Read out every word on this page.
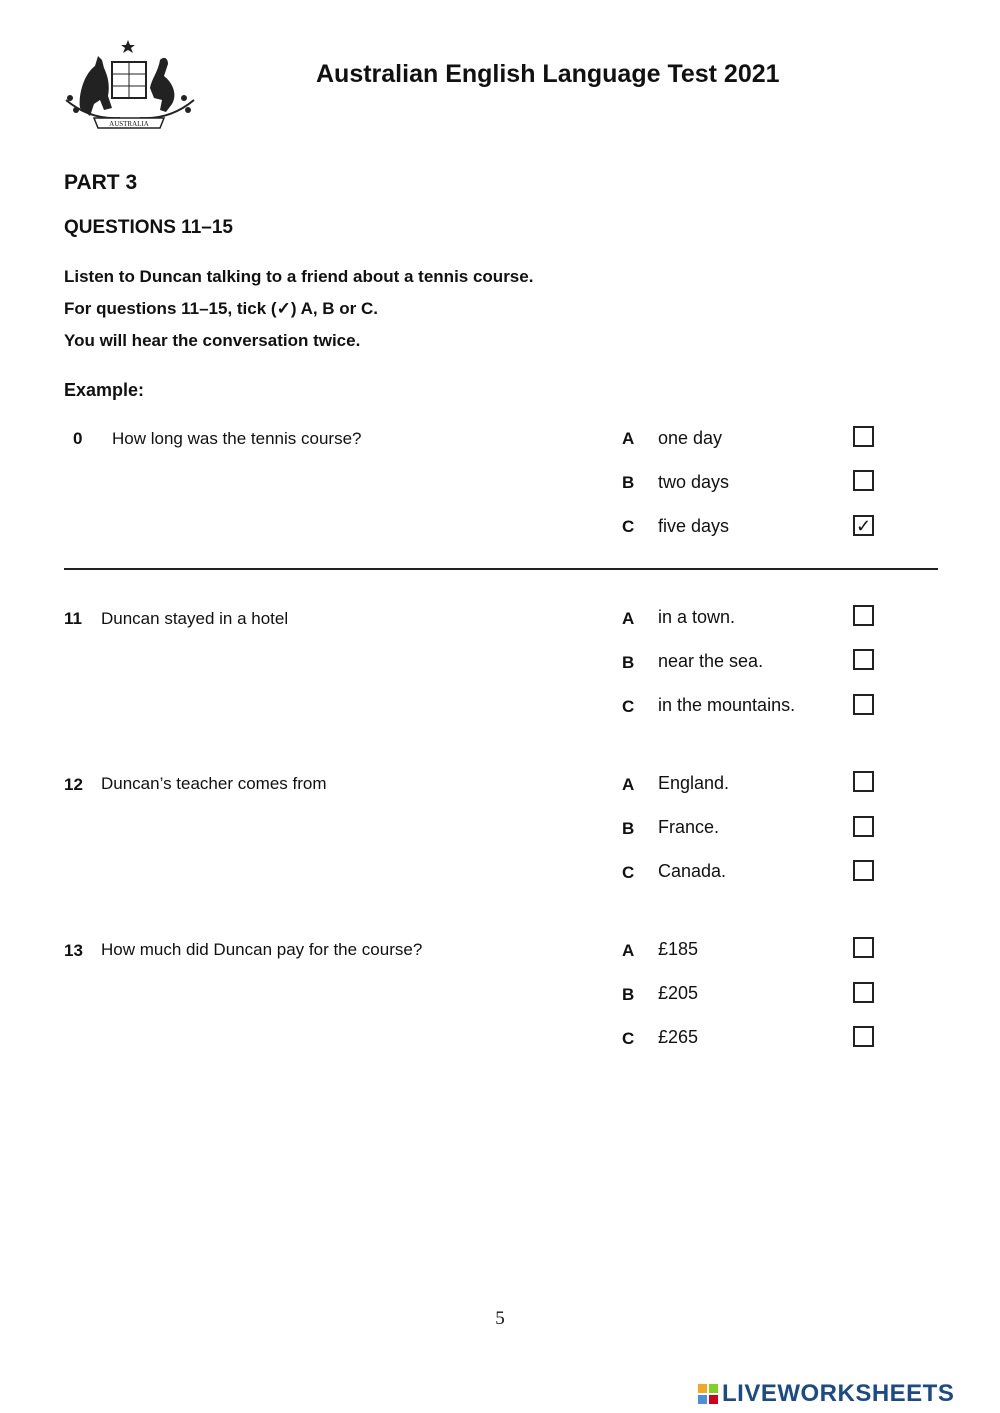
AUSTRALIA
Australian English Language Test 2021
PART 3
QUESTIONS 11–15
Listen to Duncan talking to a friend about a tennis course.
For questions 11–15, tick (✓) A, B or C.
You will hear the conversation twice.
Example:
0 How long was the tennis course?	A one day
B two days
C five days	✓
11 Duncan stayed in a hotel	A in a town.
B near the sea.
C in the mountains.
12 Duncan’s teacher comes from	A England.
B France.
C Canada.
13 How much did Duncan pay for the course?	A £185
B £205
C £265
5
LIVEWORKSHEETS
